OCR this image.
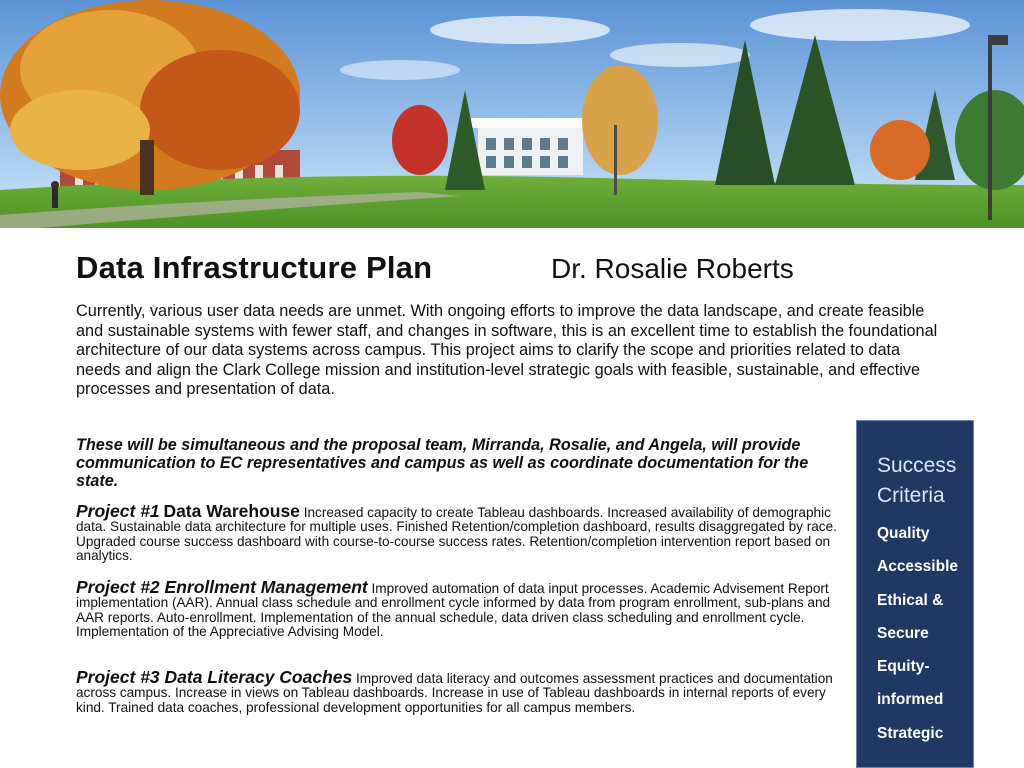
Data Infrastructure Plan	Dr. Rosalie Roberts

Currently, various user data needs are unmet. With ongoing efforts to improve the data landscape, and create feasible and sustainable systems with fewer staff, and changes in software, this is an excellent time to establish the foundational architecture of our data systems across campus. This project aims to clarify the scope and priorities related to data needs and align the Clark College mission and institution-level strategic goals with feasible, sustainable, and effective processes and presentation of data.

These will be simultaneous and the proposal team, Mirranda, Rosalie, and Angela, will provide communication to EC representatives and campus as well as coordinate documentation for the state.

Project #1 Data Warehouse Increased capacity to create Tableau dashboards. Increased availability of demographic data. Sustainable data architecture for multiple uses. Finished Retention/completion dashboard, results disaggregated by race. Upgraded course success dashboard with course-to-course success rates. Retention/completion intervention report based on analytics.

Project #2 Enrollment Management Improved automation of data input processes. Academic Advisement Report implementation (AAR). Annual class schedule and enrollment cycle informed by data from program enrollment, sub-plans and AAR reports. Auto-enrollment. Implementation of the annual schedule, data driven class scheduling and enrollment cycle. Implementation of the Appreciative Advising Model.

Project #3 Data Literacy Coaches Improved data literacy and outcomes assessment practices and documentation across campus. Increase in views on Tableau dashboards. Increase in use of Tableau dashboards in internal reports of every kind. Trained data coaches, professional development opportunities for all campus members.

Success
Criteria
Quality
Accessible
Ethical &
Secure
Equity-
informed
Strategic
